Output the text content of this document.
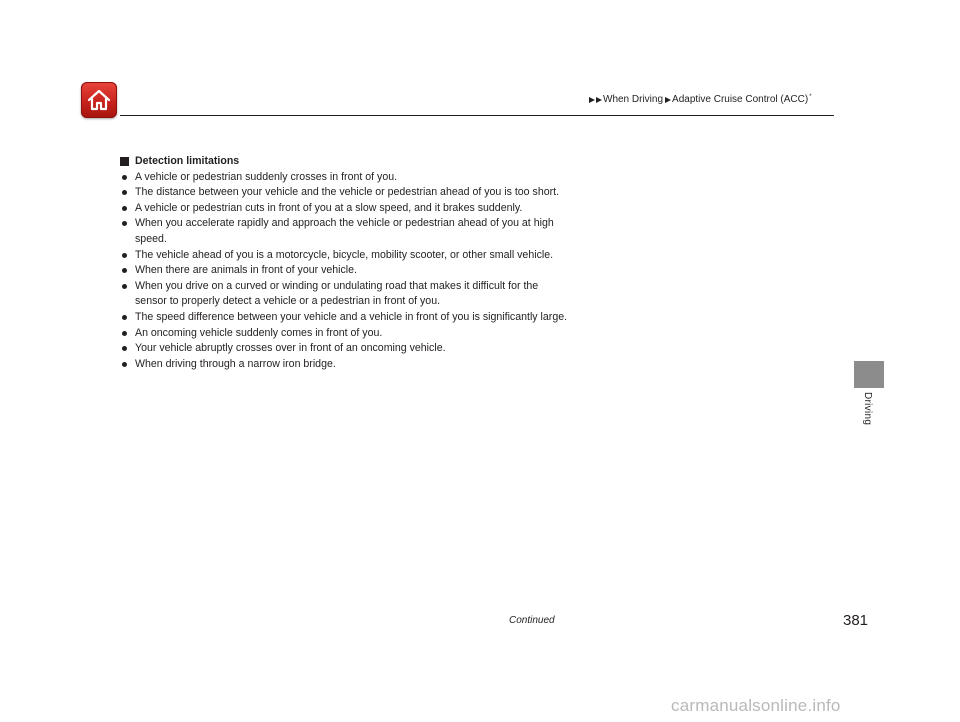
When Driving Adaptive Cruise Control (ACC)*
Detection limitations
A vehicle or pedestrian suddenly crosses in front of you.
The distance between your vehicle and the vehicle or pedestrian ahead of you is too short.
A vehicle or pedestrian cuts in front of you at a slow speed, and it brakes suddenly.
When you accelerate rapidly and approach the vehicle or pedestrian ahead of you at high speed.
The vehicle ahead of you is a motorcycle, bicycle, mobility scooter, or other small vehicle.
When there are animals in front of your vehicle.
When you drive on a curved or winding or undulating road that makes it difficult for the sensor to properly detect a vehicle or a pedestrian in front of you.
The speed difference between your vehicle and a vehicle in front of you is significantly large.
An oncoming vehicle suddenly comes in front of you.
Your vehicle abruptly crosses over in front of an oncoming vehicle.
When driving through a narrow iron bridge.
Driving
Continued	381
carmanualsonline.info
